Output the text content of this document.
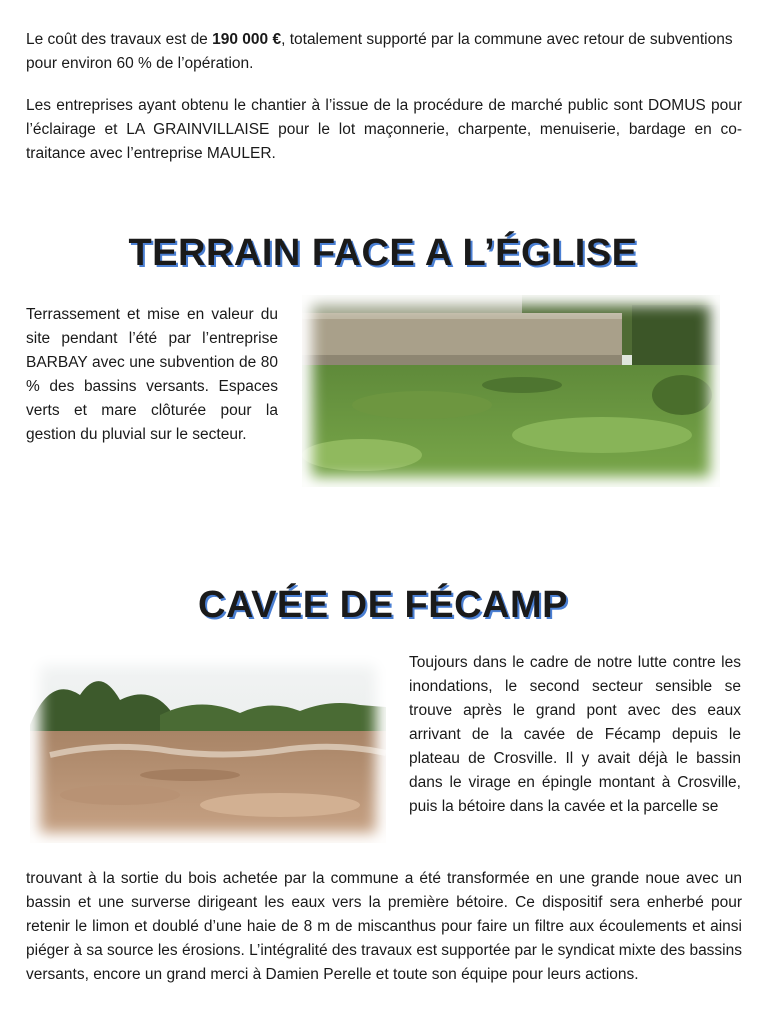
Le coût des travaux est de 190 000 €, totalement supporté par la commune avec retour de subventions pour environ 60 % de l’opération.

Les entreprises ayant obtenu le chantier à l’issue de la procédure de marché public sont DOMUS pour l’éclairage et LA GRAINVILLAISE pour le lot maçonnerie, charpente, menuiserie, bardage en co-traitance avec l’entreprise MAULER.

TERRAIN FACE A L’ÉGLISE

Terrassement et mise en valeur du site pendant l’été par l’entreprise BARBAY avec une subvention de 80 % des bassins versants. Espaces verts et mare clôturée pour la gestion du pluvial sur le secteur.

CAVÉE DE FÉCAMP

Toujours dans le cadre de notre lutte contre les inondations, le second secteur sensible se trouve après le grand pont avec des eaux arrivant de la cavée de Fécamp depuis le plateau de Crosville. Il y avait déjà le bassin dans le virage en épingle montant à Crosville, puis la bétoire dans la cavée et la parcelle se

trouvant à la sortie du bois achetée par la commune a été transformée en une grande noue avec un bassin et une surverse dirigeant les eaux vers la première bétoire. Ce dispositif sera enherbé pour retenir le limon et doublé d’une haie de 8 m de miscanthus pour faire un filtre aux écoulements et ainsi piéger à sa source les érosions. L’intégralité des travaux est supportée par le syndicat mixte des bassins versants, encore un grand merci à Damien Perelle et toute son équipe pour leurs actions.
